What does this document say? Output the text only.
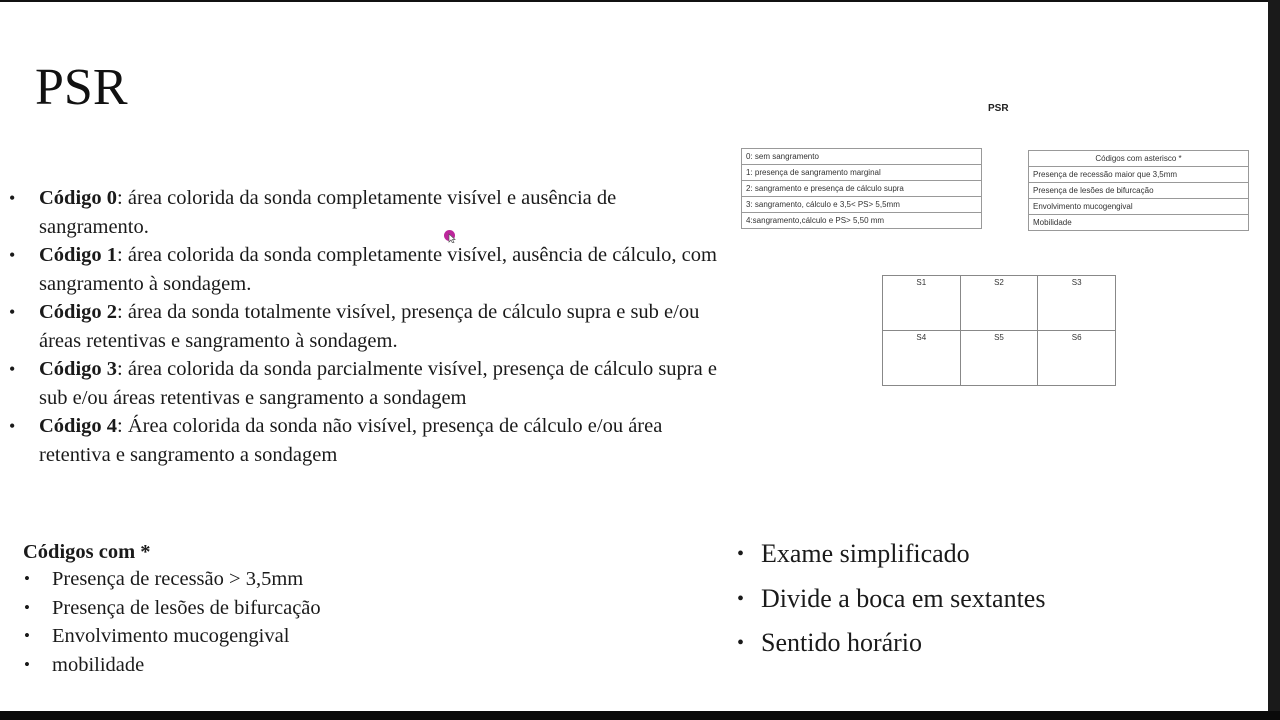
PSR
• Código 0: área colorida da sonda completamente visível e ausência de sangramento.
• Código 1: área colorida da sonda completamente visível, ausência de cálculo, com sangramento à sondagem.
• Código 2: área da sonda totalmente visível, presença de cálculo supra e sub e/ou áreas retentivas e sangramento à sondagem.
• Código 3: área colorida da sonda parcialmente visível, presença de cálculo supra e sub e/ou áreas retentivas e sangramento a sondagem
• Código 4: Área colorida da sonda não visível, presença de cálculo e/ou área retentiva e sangramento a sondagem
Códigos com *
• Presença de recessão > 3,5mm
• Presença de lesões de bifurcação
• Envolvimento mucogengival
• mobilidade
• Exame simplificado
• Divide a boca em sextantes
• Sentido horário
PSR
0: sem sangramento
1: presença de sangramento marginal
2: sangramento e presença de cálculo supra
3: sangramento, cálculo e 3,5< PS> 5,5mm
4:sangramento,cálculo e PS> 5,50 mm
Códigos com asterisco *
Presença de recessão maior que 3,5mm
Presença de lesões de bifurcação
Envolvimento mucogengival
Mobilidade
S1	S2	S3
S4	S5	S6
